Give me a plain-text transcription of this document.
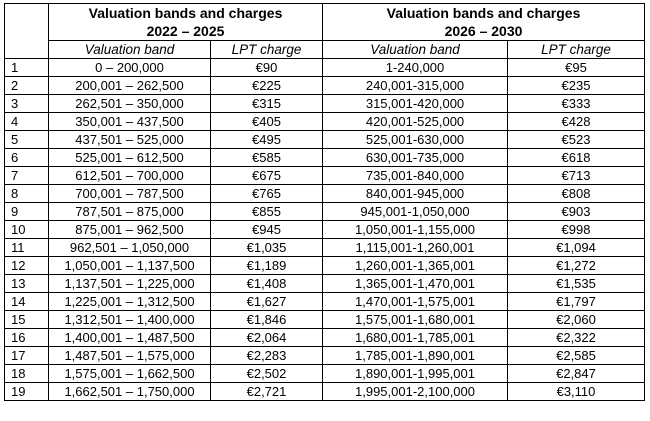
	Valuation bands and charges		Valuation bands and charges	
	2022 – 2025		2026 – 2030	
	Valuation band	LPT charge	Valuation band	LPT charge
1	0 – 200,000	€90	1-240,000	€95
2	200,001 – 262,500	€225	240,001-315,000	€235
3	262,501 – 350,000	€315	315,001-420,000	€333
4	350,001 – 437,500	€405	420,001-525,000	€428
5	437,501 – 525,000	€495	525,001-630,000	€523
6	525,001 – 612,500	€585	630,001-735,000	€618
7	612,501 – 700,000	€675	735,001-840,000	€713
8	700,001 – 787,500	€765	840,001-945,000	€808
9	787,501 – 875,000	€855	945,001-1,050,000	€903
10	875,001 – 962,500	€945	1,050,001-1,155,000	€998
11	962,501 – 1,050,000	€1,035	1,115,001-1,260,001	€1,094
12	1,050,001 – 1,137,500	€1,189	1,260,001-1,365,001	€1,272
13	1,137,501 – 1,225,000	€1,408	1,365,001-1,470,001	€1,535
14	1,225,001 – 1,312,500	€1,627	1,470,001-1,575,001	€1,797
15	1,312,501 – 1,400,000	€1,846	1,575,001-1,680,001	€2,060
16	1,400,001 – 1,487,500	€2,064	1,680,001-1,785,001	€2,322
17	1,487,501 – 1,575,000	€2,283	1,785,001-1,890,001	€2,585
18	1,575,001 – 1,662,500	€2,502	1,890,001-1,995,001	€2,847
19	1,662,501 – 1,750,000	€2,721	1,995,001-2,100,000	€3,110
